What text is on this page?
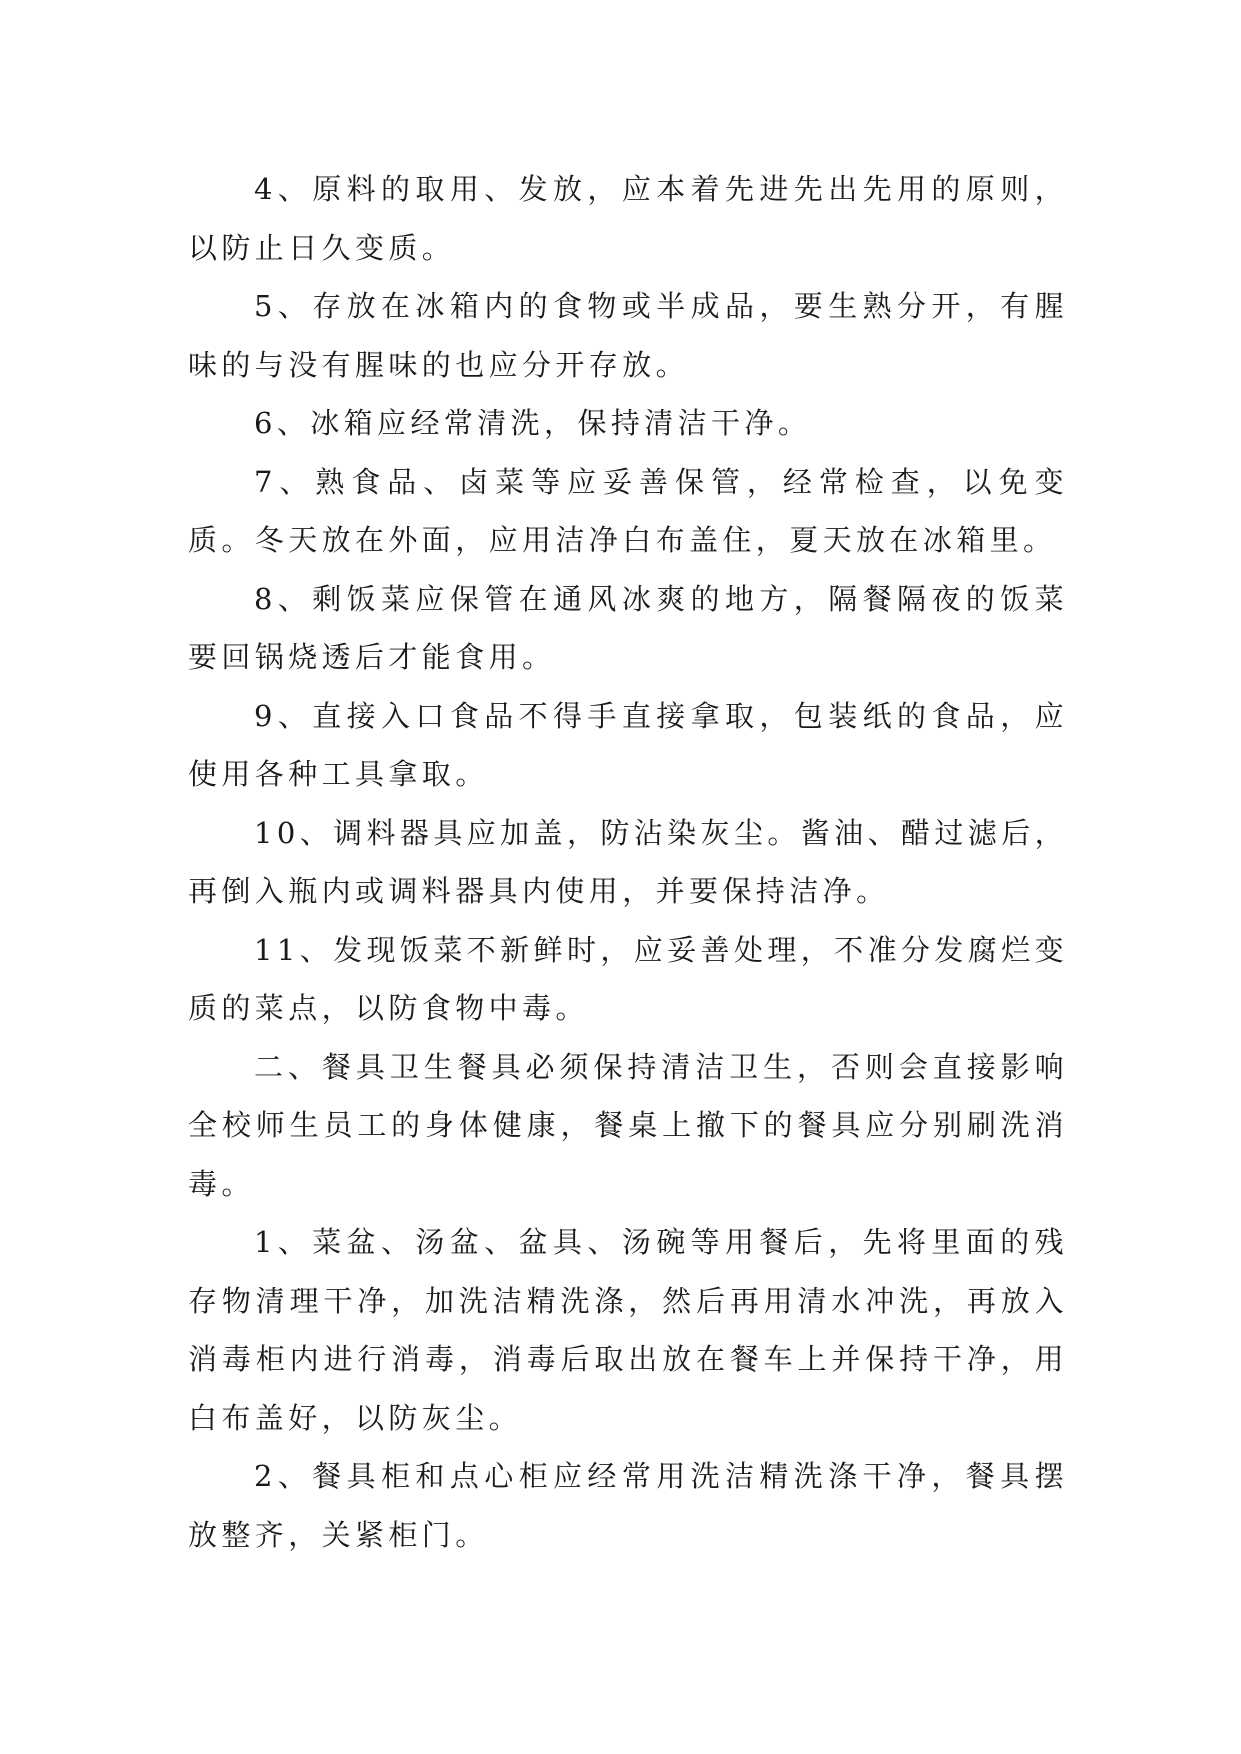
4、原料的取用、发放，应本着先进先出先用的原则，以防止日久变质。

5、存放在冰箱内的食物或半成品，要生熟分开，有腥味的与没有腥味的也应分开存放。

6、冰箱应经常清洗，保持清洁干净。

7、熟食品、卤菜等应妥善保管，经常检查，以免变质。冬天放在外面，应用洁净白布盖住，夏天放在冰箱里。

8、剩饭菜应保管在通风冰爽的地方，隔餐隔夜的饭菜要回锅烧透后才能食用。

9、直接入口食品不得手直接拿取，包装纸的食品，应使用各种工具拿取。

10、调料器具应加盖，防沾染灰尘。酱油、醋过滤后，再倒入瓶内或调料器具内使用，并要保持洁净。

11、发现饭菜不新鲜时，应妥善处理，不准分发腐烂变质的菜点，以防食物中毒。

二、餐具卫生餐具必须保持清洁卫生，否则会直接影响全校师生员工的身体健康，餐桌上撤下的餐具应分别刷洗消毒。

1、菜盆、汤盆、盆具、汤碗等用餐后，先将里面的残存物清理干净，加洗洁精洗涤，然后再用清水冲洗，再放入消毒柜内进行消毒，消毒后取出放在餐车上并保持干净，用白布盖好，以防灰尘。

2、餐具柜和点心柜应经常用洗洁精洗涤干净，餐具摆放整齐，关紧柜门。
